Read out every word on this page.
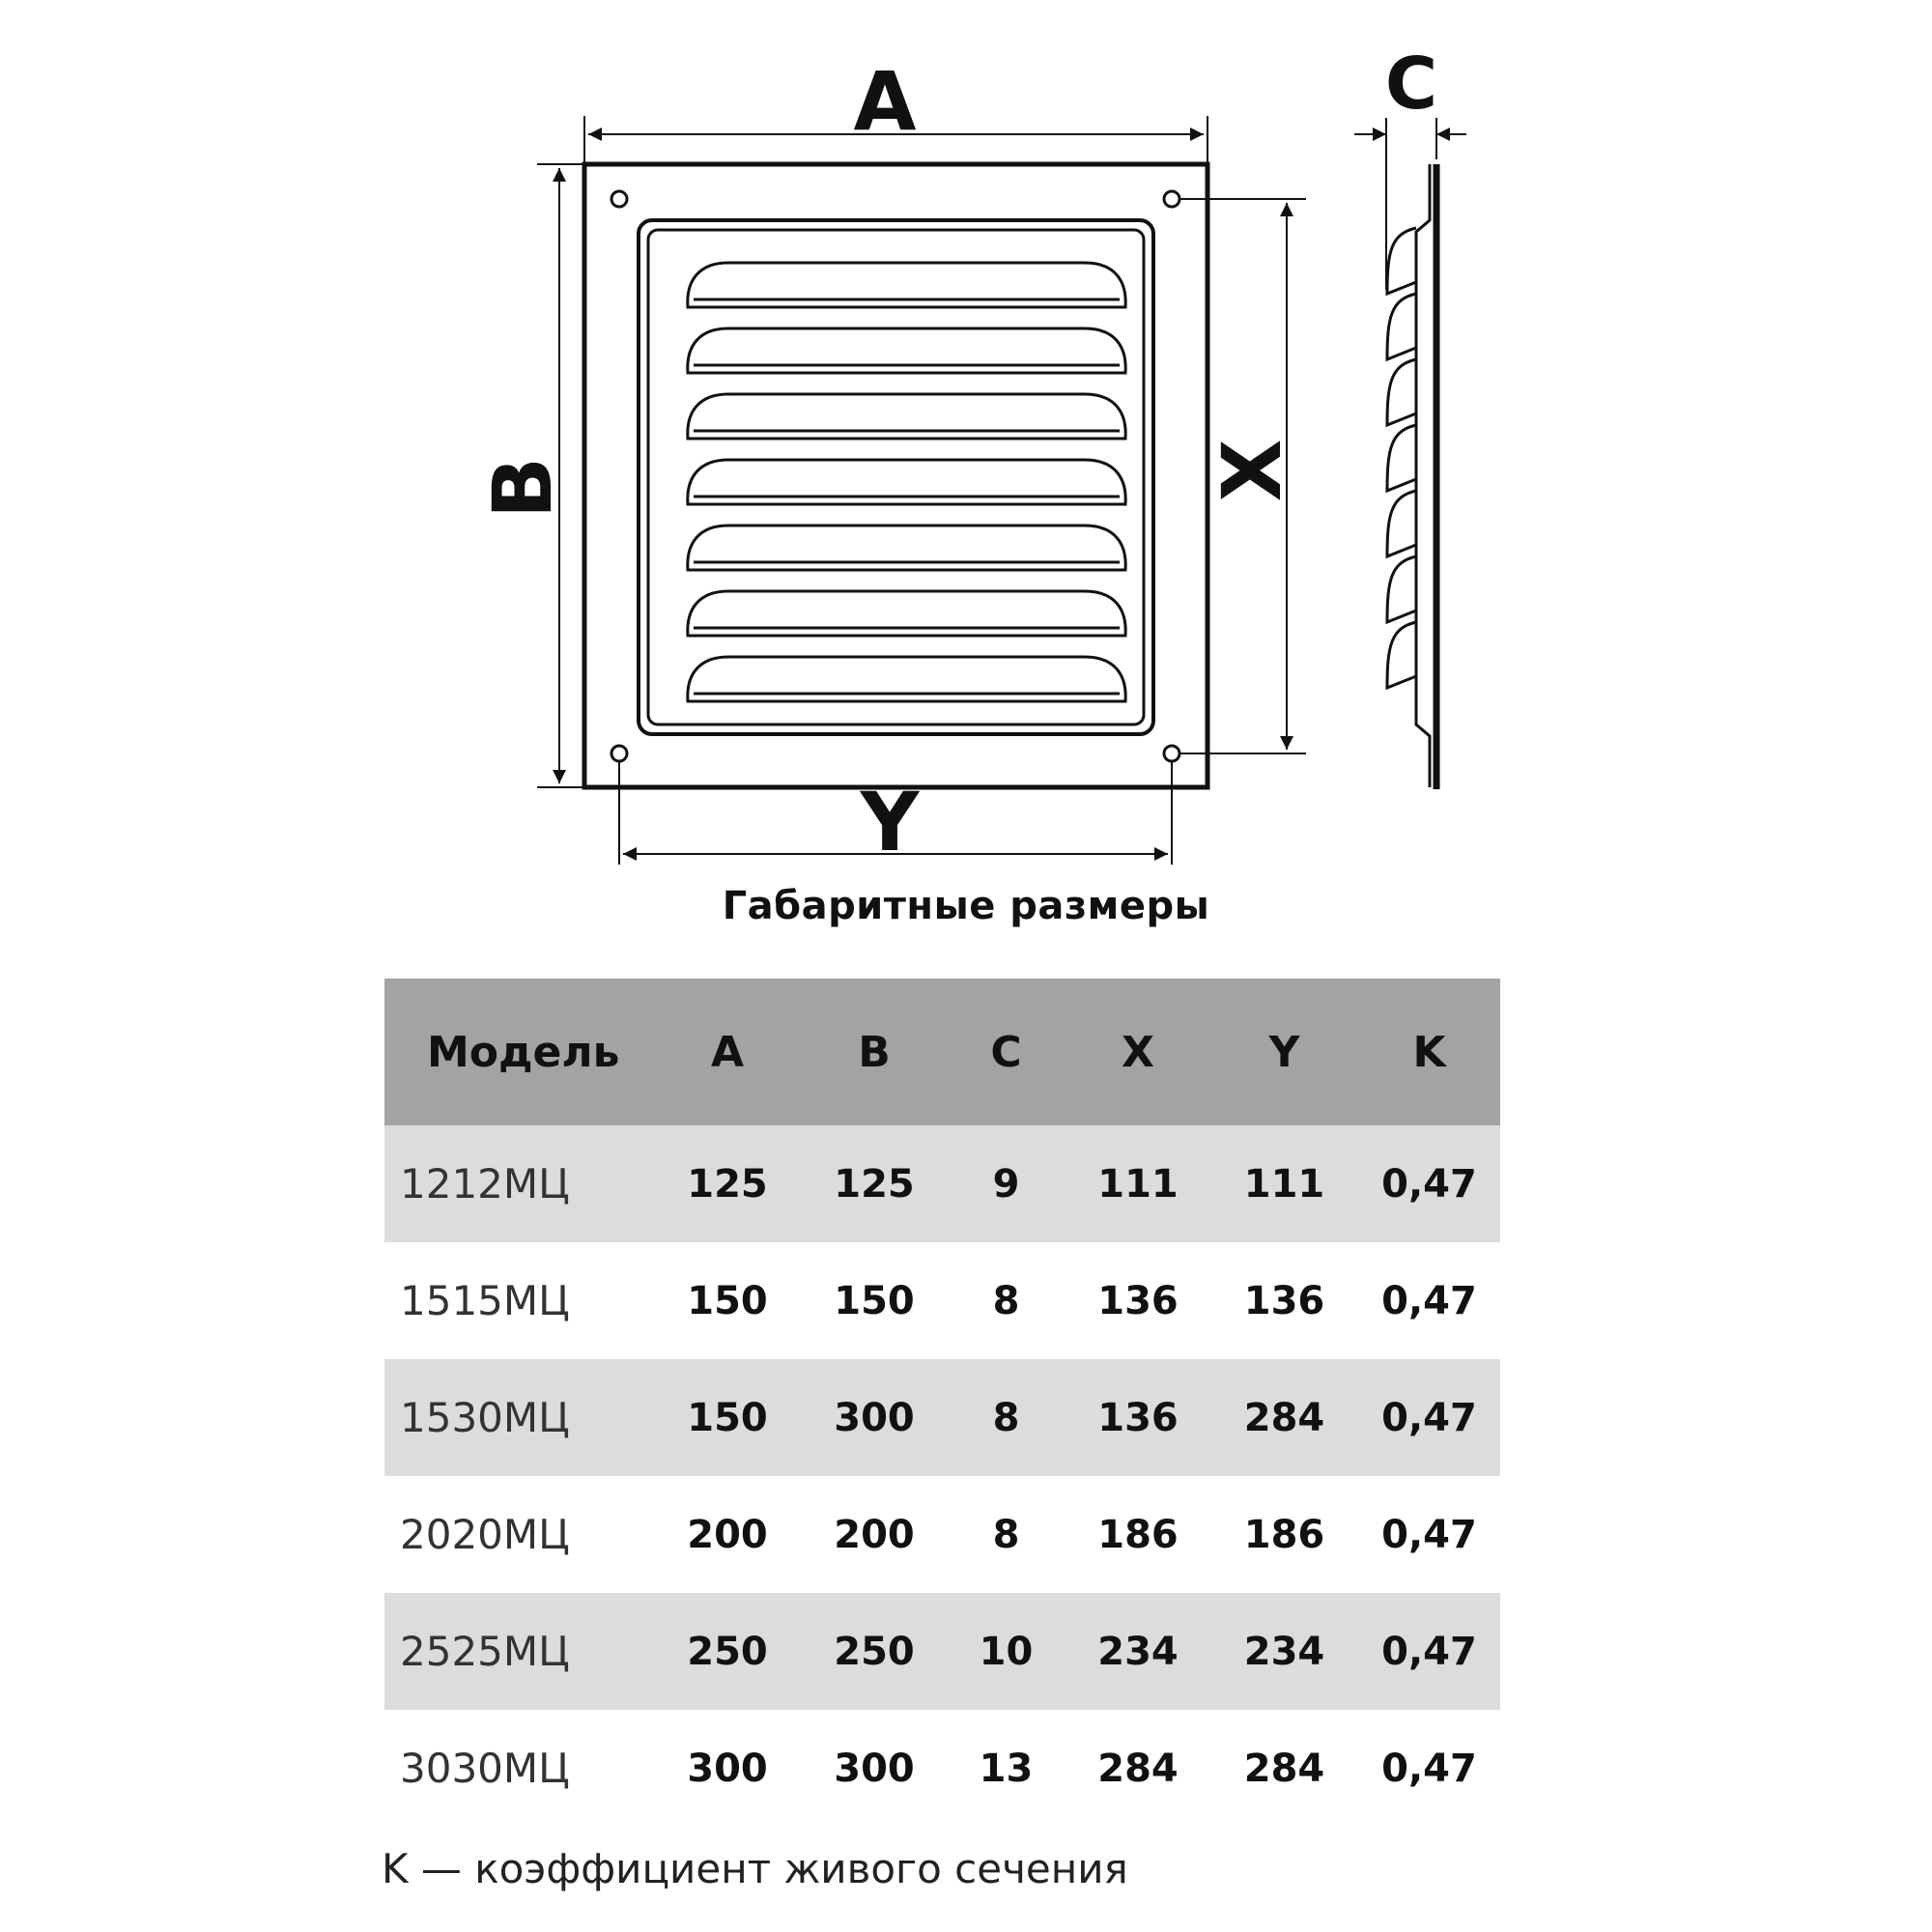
A
B	X
Y
C
Габаритные размеры
Модель	A	B	C	X	Y	K
1212МЦ	125	125	9	111	111	0,47
1515МЦ	150	150	8	136	136	0,47
1530МЦ	150	300	8	136	284	0,47
2020МЦ	200	200	8	186	186	0,47
2525МЦ	250	250	10	234	234	0,47
3030МЦ	300	300	13	284	284	0,47
K — коэффициент живого сечения
